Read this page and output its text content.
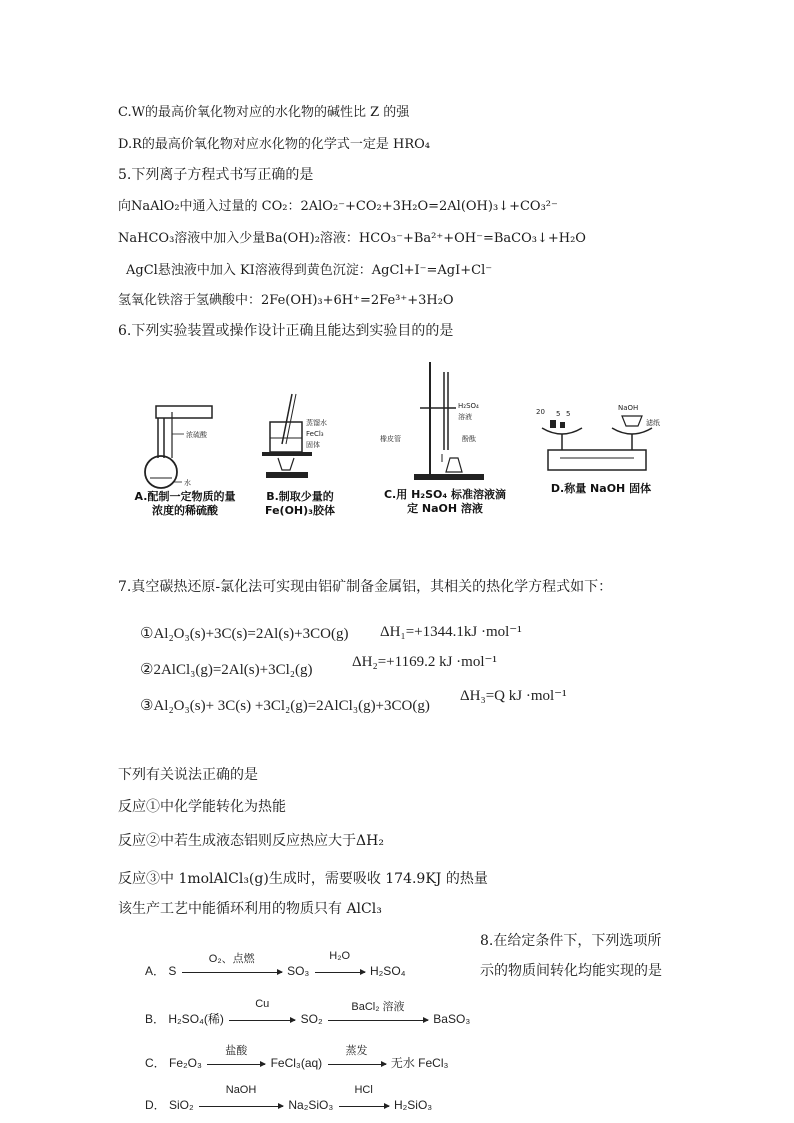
C.W的最高价氧化物对应的水化物的碱性比 Z 的强
D.R的最高价氧化物对应水化物的化学式一定是 HRO₄
5.下列离子方程式书写正确的是
向NaAlO₂中通入过量的 CO₂：2AlO₂⁻+CO₂+3H₂O=2Al(OH)₃↓+CO₃²⁻
NaHCO₃溶液中加入少量Ba(OH)₂溶液：HCO₃⁻+Ba²⁺+OH⁻=BaCO₃↓+H₂O
AgCl悬浊液中加入 KI溶液得到黄色沉淀：AgCl+I⁻=AgI+Cl⁻
氢氧化铁溶于氢碘酸中：2Fe(OH)₃+6H⁺=2Fe³⁺+3H₂O
6.下列实验装置或操作设计正确且能达到实验目的的是
浓硫酸
水
A.配制一定物质的量浓度的稀硫酸
蒸馏水
FeCl₃
固体
B.制取少量的Fe(OH)₃胶体
H₂SO₄
溶液
橡皮管	酚酞
C.用 H₂SO₄ 标准溶液滴定 NaOH 溶液
20 5 5
NaOH
滤纸
D.称量 NaOH 固体
7.真空碳热还原-氯化法可实现由铝矿制备金属铝，其相关的热化学方程式如下：
①Al₂O₃(s)+3C(s)=2Al(s)+3CO(g) ΔH₁=+1344.1kJ ·mol⁻¹
②2AlCl₃(g)=2Al(s)+3Cl₂(g)	ΔH₂=+1169.2 kJ ·mol⁻¹
③Al₂O₃(s)+ 3C(s) +3Cl₂(g)=2AlCl₃(g)+3CO(g)
ΔH₃=Q kJ ·mol⁻¹
下列有关说法正确的是
反应①中化学能转化为热能
反应②中若生成液态铝则反应热应大于ΔH₂
反应③中 1molAlCl₃(g)生成时，需要吸收 174.9KJ 的热量
该生产工艺中能循环利用的物质只有 AlCl₃
8.在给定条件下，下列选项所
示的物质间转化均能实现的是
A． S
O₂、点燃
SO₃
H₂O
H₂SO₄
B． H₂SO₄(稀)
Cu
SO₂
BaCl₂ 溶液
BaSO₃
C． Fe₂O₃
盐酸
FeCl₃(aq)
蒸发
无水 FeCl₃
D． SiO₂
NaOH
Na₂SiO₃
HCl
H₂SiO₃
